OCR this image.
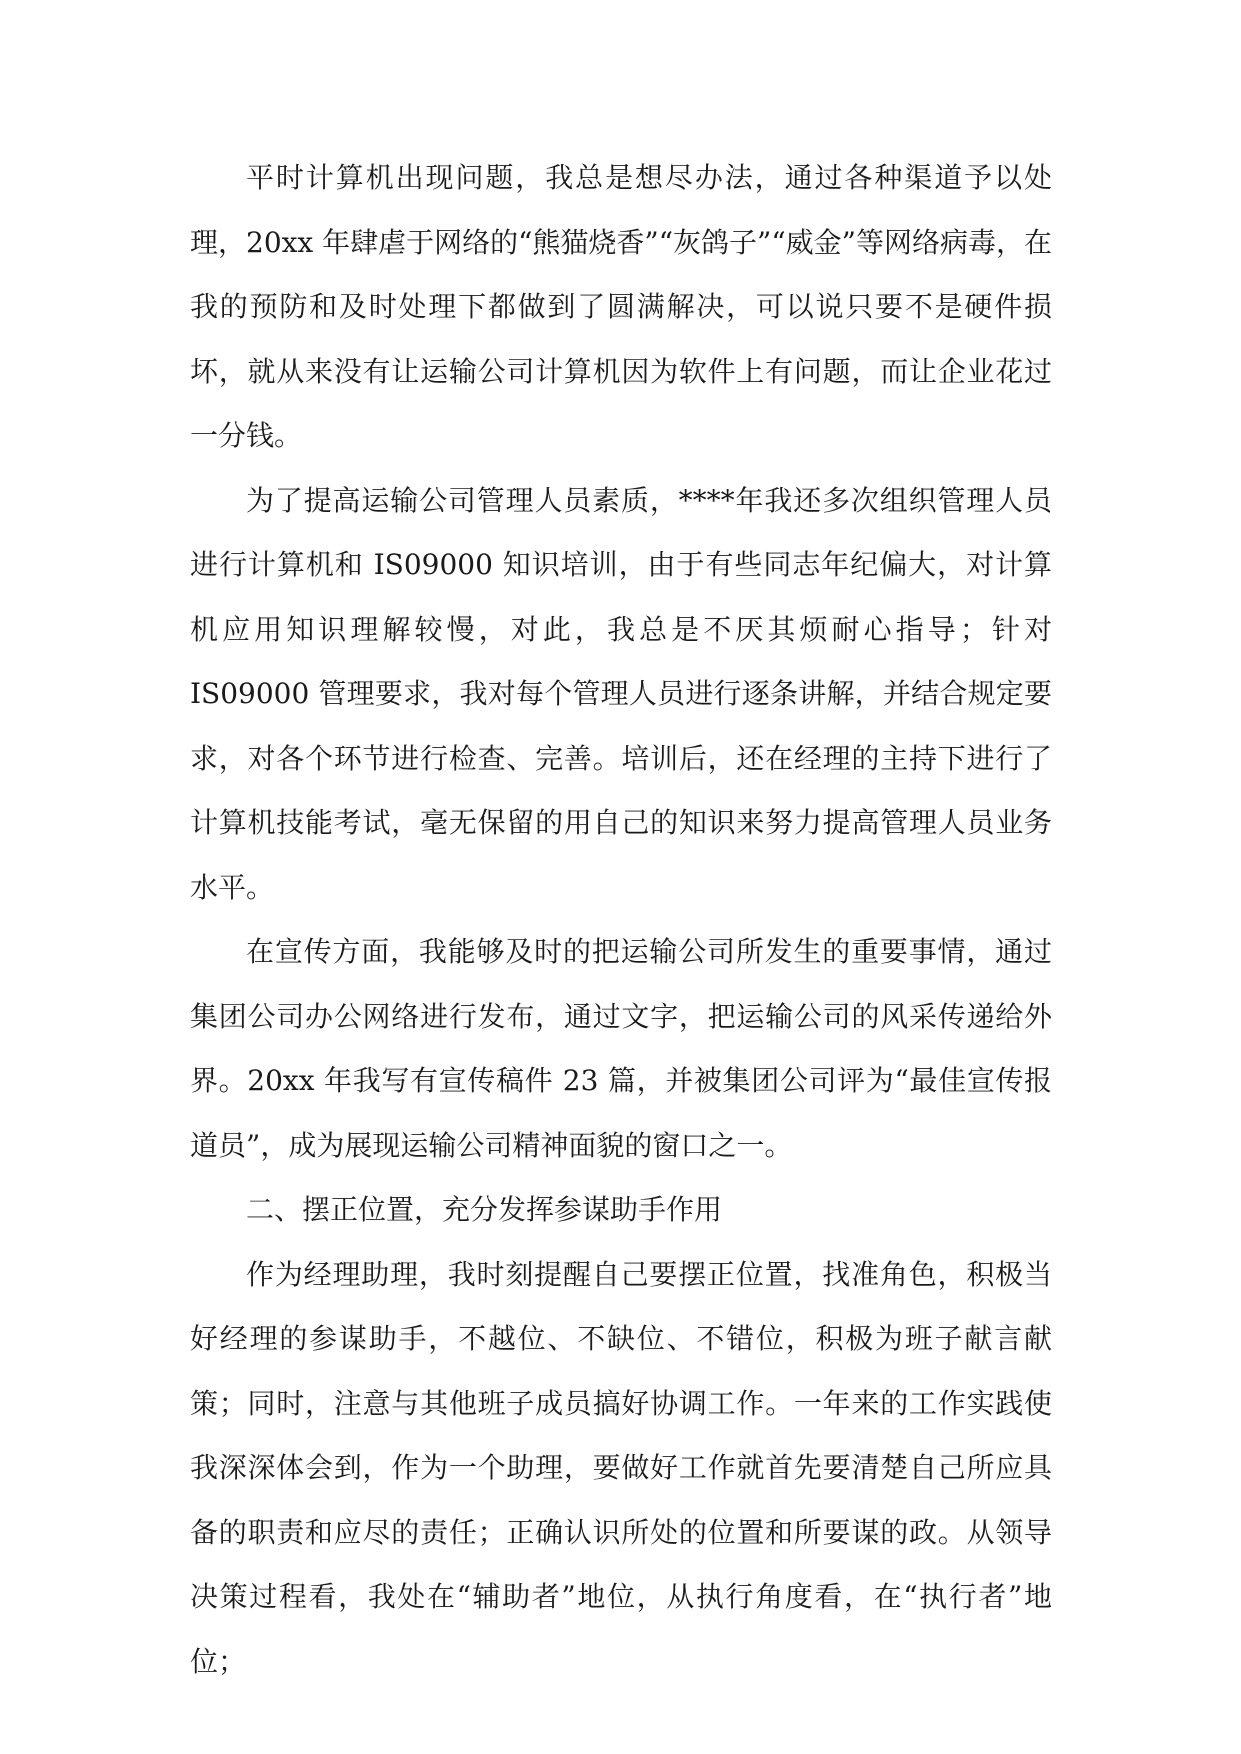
平时计算机出现问题，我总是想尽办法，通过各种渠道予以处理，20xx 年肆虐于网络的“熊猫烧香”“灰鸽子”“威金”等网络病毒，在我的预防和及时处理下都做到了圆满解决，可以说只要不是硬件损坏，就从来没有让运输公司计算机因为软件上有问题，而让企业花过一分钱。

为了提高运输公司管理人员素质，****年我还多次组织管理人员进行计算机和 IS09000 知识培训，由于有些同志年纪偏大，对计算机应用知识理解较慢，对此，我总是不厌其烦耐心指导；针对 IS09000 管理要求，我对每个管理人员进行逐条讲解，并结合规定要求，对各个环节进行检查、完善。培训后，还在经理的主持下进行了计算机技能考试，毫无保留的用自己的知识来努力提高管理人员业务水平。

在宣传方面，我能够及时的把运输公司所发生的重要事情，通过集团公司办公网络进行发布，通过文字，把运输公司的风采传递给外界。20xx 年我写有宣传稿件 23 篇，并被集团公司评为“最佳宣传报道员”，成为展现运输公司精神面貌的窗口之一。

二、摆正位置，充分发挥参谋助手作用

作为经理助理，我时刻提醒自己要摆正位置，找准角色，积极当好经理的参谋助手，不越位、不缺位、不错位，积极为班子献言献策；同时，注意与其他班子成员搞好协调工作。一年来的工作实践使我深深体会到，作为一个助理，要做好工作就首先要清楚自己所应具备的职责和应尽的责任；正确认识所处的位置和所要谋的政。从领导决策过程看，我处在“辅助者”地位，从执行角度看，在“执行者”地位；
